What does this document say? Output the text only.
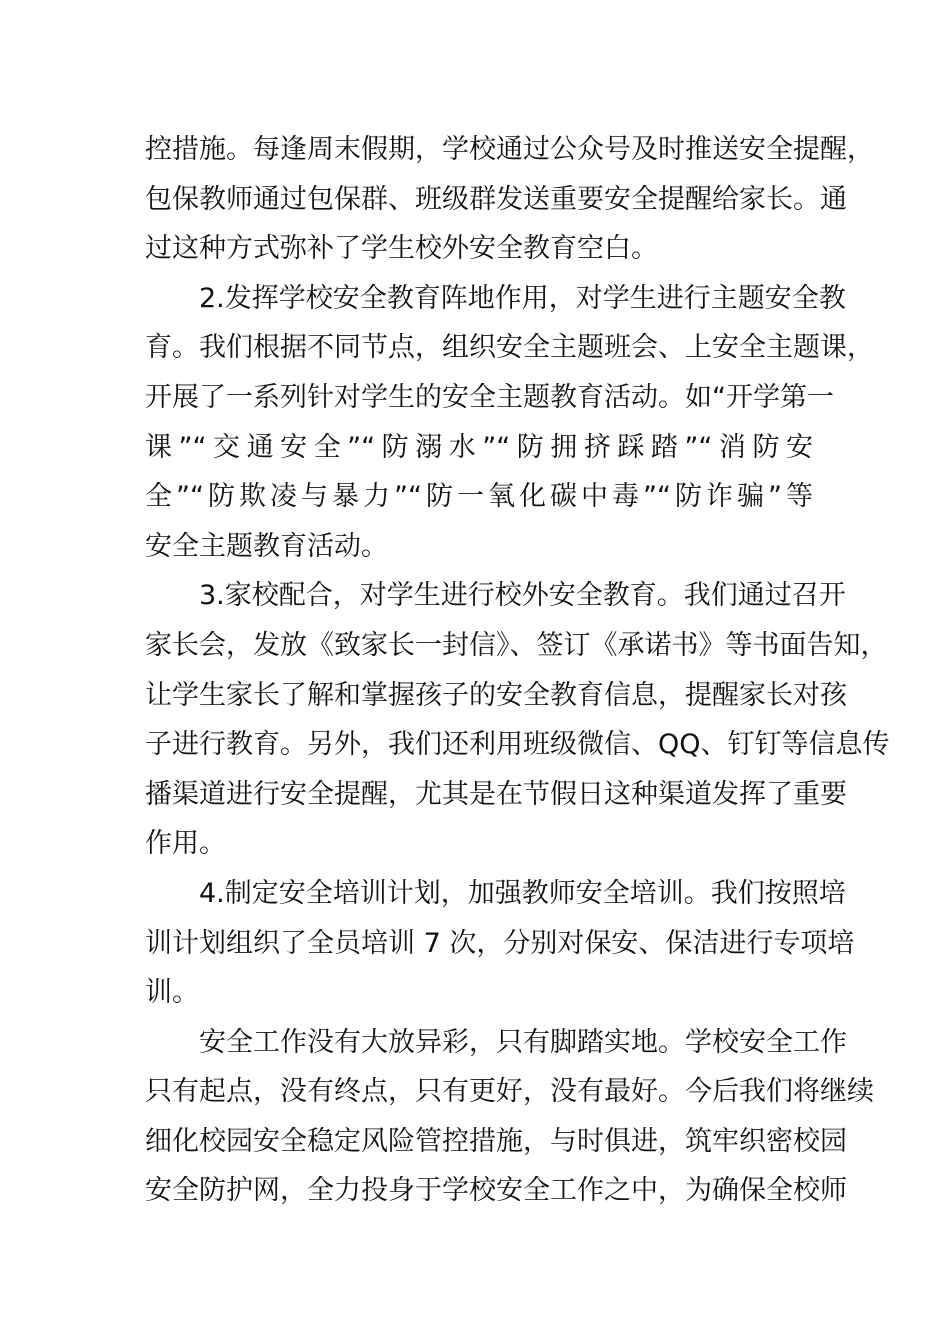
控措施。每逢周末假期，学校通过公众号及时推送安全提醒，
包保教师通过包保群、班级群发送重要安全提醒给家长。通
过这种方式弥补了学生校外安全教育空白。
2.发挥学校安全教育阵地作用，对学生进行主题安全教
育。我们根据不同节点，组织安全主题班会、上安全主题课，
开展了一系列针对学生的安全主题教育活动。如“开学第一
课”“交通安全”“防溺水”“防拥挤踩踏”“消防安
全”“防欺凌与暴力”“防一氧化碳中毒”“防诈骗”等
安全主题教育活动。
3.家校配合，对学生进行校外安全教育。我们通过召开
家长会，发放《致家长一封信》、签订《承诺书》等书面告知，
让学生家长了解和掌握孩子的安全教育信息，提醒家长对孩
子进行教育。另外，我们还利用班级微信、QQ、钉钉等信息传
播渠道进行安全提醒，尤其是在节假日这种渠道发挥了重要
作用。
4.制定安全培训计划，加强教师安全培训。我们按照培
训计划组织了全员培训 7 次，分别对保安、保洁进行专项培
训。
安全工作没有大放异彩，只有脚踏实地。学校安全工作
只有起点，没有终点，只有更好，没有最好。今后我们将继续
细化校园安全稳定风险管控措施，与时俱进，筑牢织密校园
安全防护网，全力投身于学校安全工作之中，为确保全校师
